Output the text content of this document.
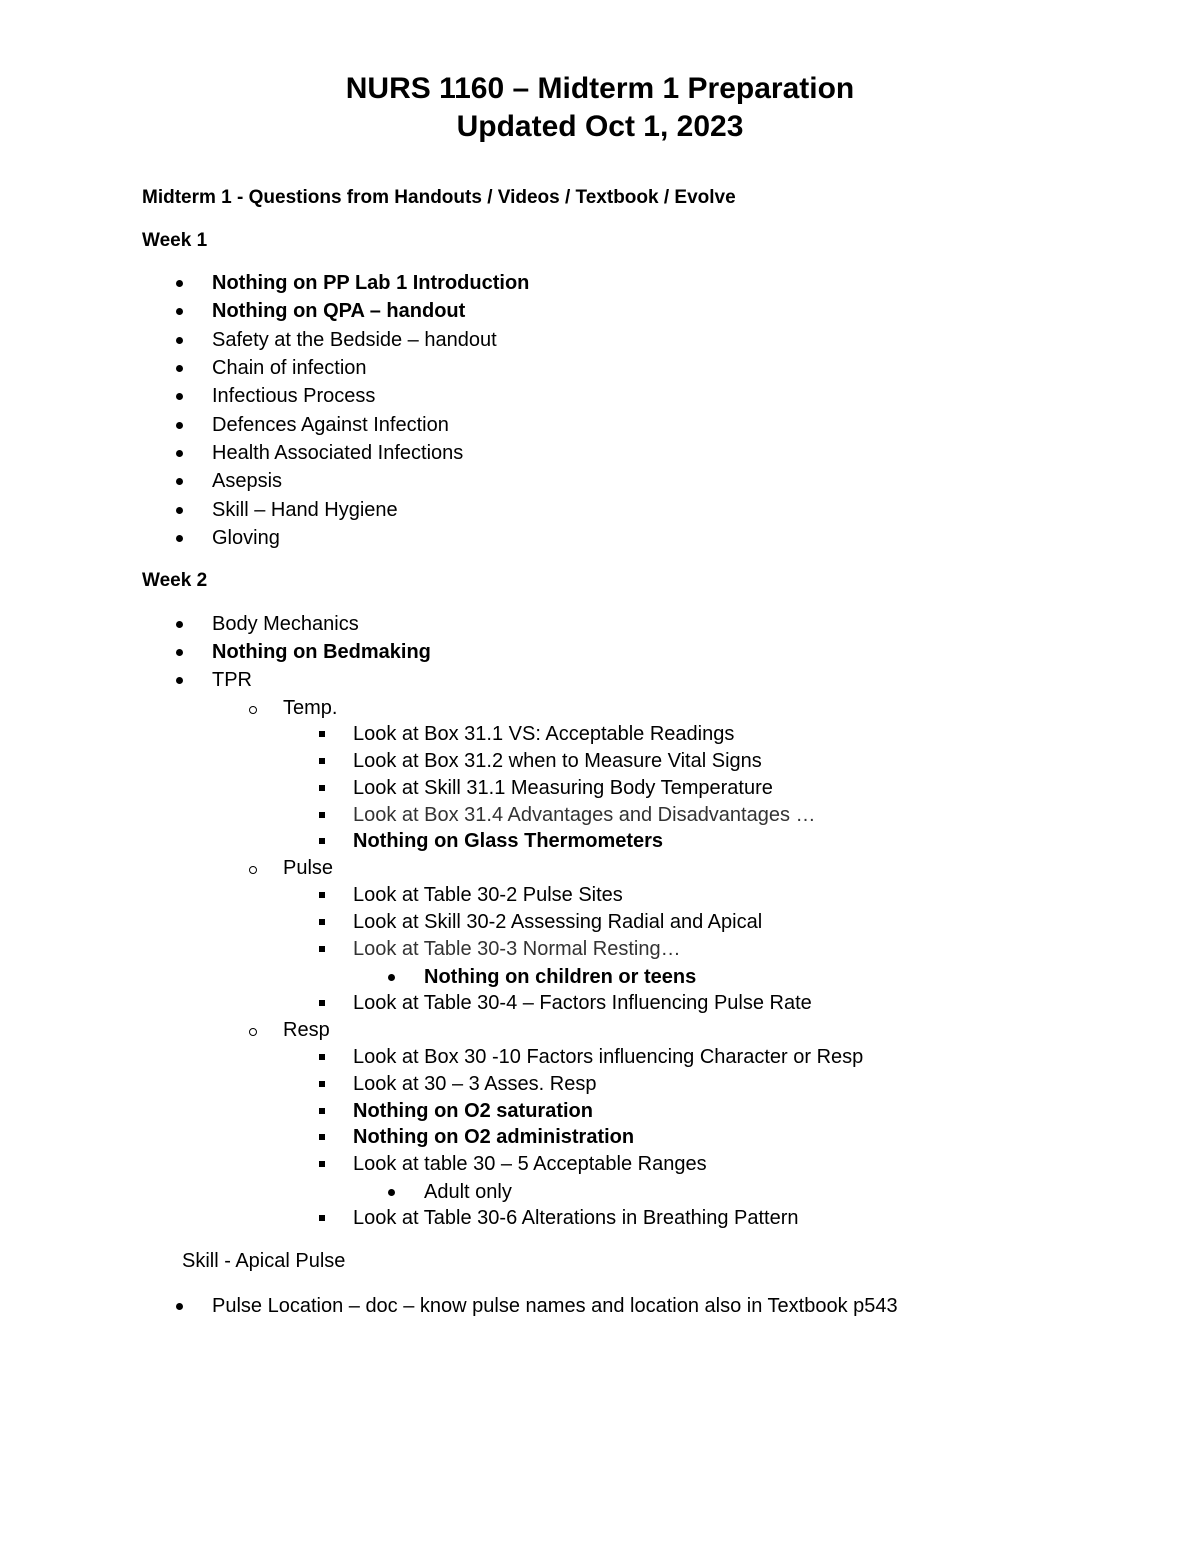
NURS 1160 – Midterm 1 Preparation
Updated Oct 1, 2023
Midterm 1 - Questions from Handouts / Videos / Textbook / Evolve
Week 1
Nothing on PP Lab 1 Introduction
Nothing on QPA – handout
Safety at the Bedside – handout
Chain of infection
Infectious Process
Defences Against Infection
Health Associated Infections
Asepsis
Skill – Hand Hygiene
Gloving
Week 2
Body Mechanics
Nothing on Bedmaking
TPR
Temp.
Look at Box 31.1 VS: Acceptable Readings
Look at Box 31.2 when to Measure Vital Signs
Look at Skill 31.1 Measuring Body Temperature
Look at Box 31.4 Advantages and Disadvantages …
Nothing on Glass Thermometers
Pulse
Look at Table 30-2 Pulse Sites
Look at Skill 30-2 Assessing Radial and Apical
Look at Table 30-3 Normal Resting…
Nothing on children or teens
Look at Table 30-4 – Factors Influencing Pulse Rate
Resp
Look at Box 30 -10 Factors influencing Character or Resp
Look at 30 – 3 Asses. Resp
Nothing on O2 saturation
Nothing on O2 administration
Look at table 30 – 5 Acceptable Ranges
Adult only
Look at Table 30-6 Alterations in Breathing Pattern
Skill - Apical Pulse
Pulse Location – doc – know pulse names and location also in Textbook p543
